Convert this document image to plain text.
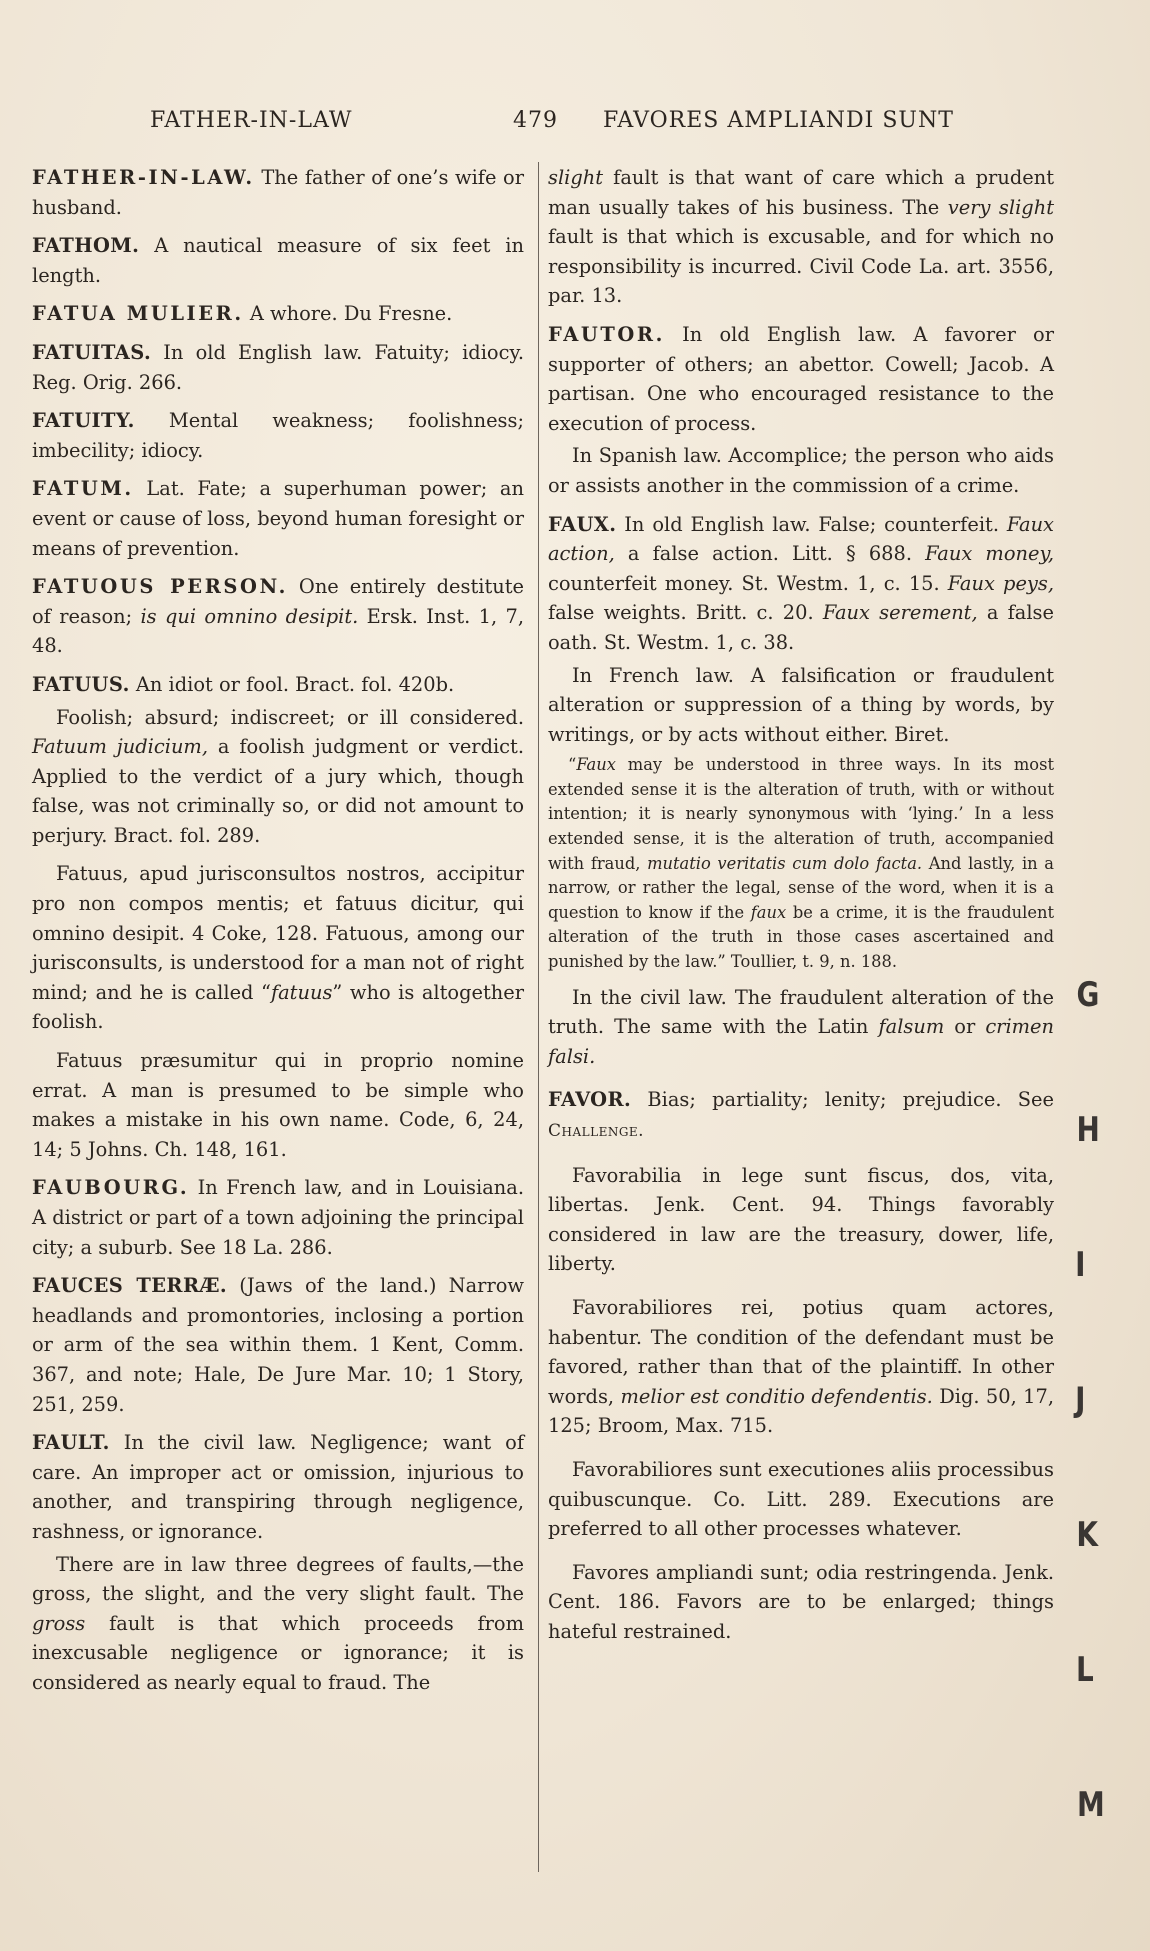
FATHER-IN-LAW	479 FAVORES AMPLIANDI SUNT

FATHER-IN-LAW. The father of one’s wife or husband.

FATHOM. A nautical measure of six feet in length.

FATUA MULIER. A whore. Du Fresne.

FATUITAS. In old English law. Fatuity; idiocy. Reg. Orig. 266.

FATUITY. Mental weakness; foolishness; imbecility; idiocy.

FATUM. Lat. Fate; a superhuman power; an event or cause of loss, beyond human foresight or means of prevention.

FATUOUS PERSON. One entirely destitute of reason; is qui omnino desipit. Ersk. Inst. 1, 7, 48.

FATUUS. An idiot or fool. Bract. fol. 420b.

Foolish; absurd; indiscreet; or ill considered. Fatuum judicium, a foolish judgment or verdict. Applied to the verdict of a jury which, though false, was not criminally so, or did not amount to perjury. Bract. fol. 289.

Fatuus, apud jurisconsultos nostros, accipitur pro non compos mentis; et fatuus dicitur, qui omnino desipit. 4 Coke, 128. Fatuous, among our jurisconsults, is understood for a man not of right mind; and he is called “fatuus” who is altogether foolish.

Fatuus præsumitur qui in proprio nomine errat. A man is presumed to be simple who makes a mistake in his own name. Code, 6, 24, 14; 5 Johns. Ch. 148, 161.

FAUBOURG. In French law, and in Louisiana. A district or part of a town adjoining the principal city; a suburb. See 18 La. 286.

FAUCES TERRÆ. (Jaws of the land.) Narrow headlands and promontories, inclosing a portion or arm of the sea within them. 1 Kent, Comm. 367, and note; Hale, De Jure Mar. 10; 1 Story, 251, 259.

FAULT. In the civil law. Negligence; want of care. An improper act or omission, injurious to another, and transpiring through negligence, rashness, or ignorance.

There are in law three degrees of faults,—the gross, the slight, and the very slight fault. The gross fault is that which proceeds from inexcusable negligence or ignorance; it is considered as nearly equal to fraud. The

slight fault is that want of care which a prudent man usually takes of his business. The very slight fault is that which is excusable, and for which no responsibility is incurred. Civil Code La. art. 3556, par. 13.

FAUTOR. In old English law. A favorer or supporter of others; an abettor. Cowell; Jacob. A partisan. One who encouraged resistance to the execution of process.

In Spanish law. Accomplice; the person who aids or assists another in the commission of a crime.

FAUX. In old English law. False; counterfeit. Faux action, a false action. Litt. § 688. Faux money, counterfeit money. St. Westm. 1, c. 15. Faux peys, false weights. Britt. c. 20. Faux serement, a false oath. St. Westm. 1, c. 38.

In French law. A falsification or fraudulent alteration or suppression of a thing by words, by writings, or by acts without either. Biret.

“Faux may be understood in three ways. In its most extended sense it is the alteration of truth, with or without intention; it is nearly synonymous with ‘lying.’ In a less extended sense, it is the alteration of truth, accompanied with fraud, mutatio veritatis cum dolo facta. And lastly, in a narrow, or rather the legal, sense of the word, when it is a question to know if the faux be a crime, it is the fraudulent alteration of the truth in those cases ascertained and punished by the law.” Toullier, t. 9, n. 188.

In the civil law. The fraudulent alteration of the truth. The same with the Latin falsum or crimen falsi.

FAVOR. Bias; partiality; lenity; prejudice. See Challenge.

Favorabilia in lege sunt fiscus, dos, vita, libertas. Jenk. Cent. 94. Things favorably considered in law are the treasury, dower, life, liberty.

Favorabiliores rei, potius quam actores, habentur. The condition of the defendant must be favored, rather than that of the plaintiff. In other words, melior est conditio defendentis. Dig. 50, 17, 125; Broom, Max. 715.

Favorabiliores sunt executiones aliis processibus quibuscunque. Co. Litt. 289. Executions are preferred to all other processes whatever.

Favores ampliandi sunt; odia restringenda. Jenk. Cent. 186. Favors are to be enlarged; things hateful restrained.

G
H
I
J
K
L
M
